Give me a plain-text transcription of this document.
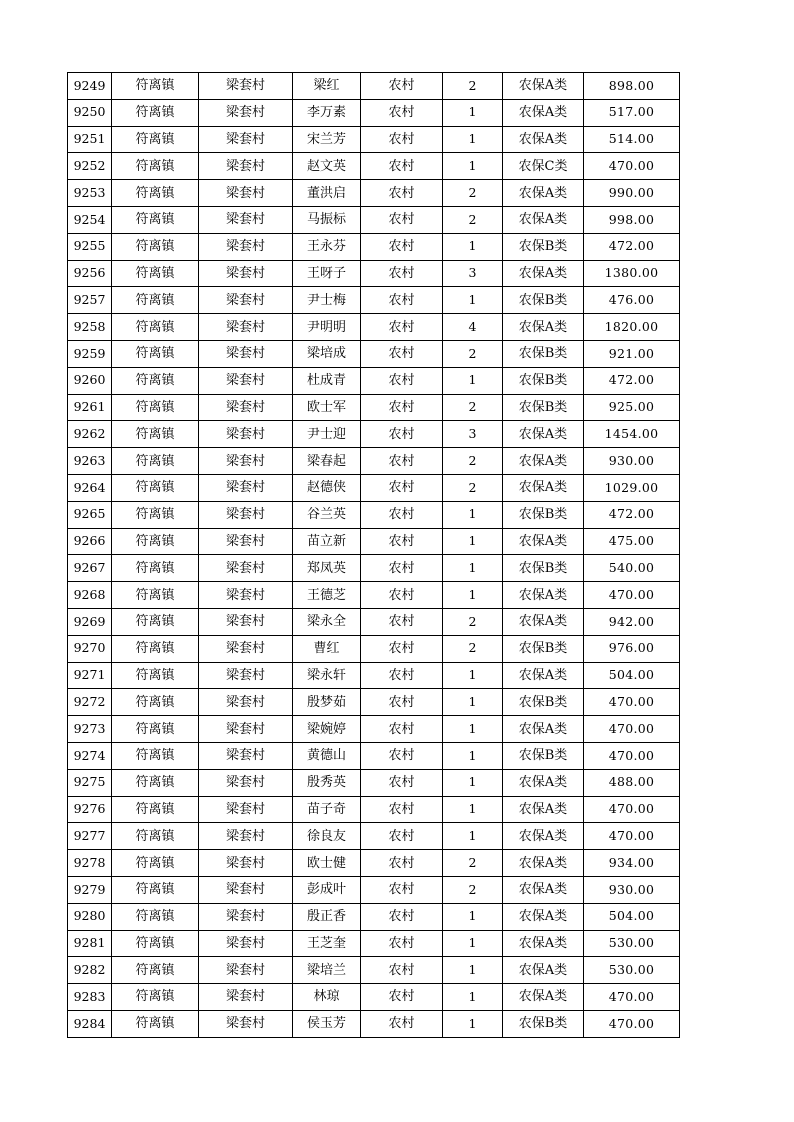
9249	符离镇	梁套村	梁红	农村	2	农保A类	898.00
9250	符离镇	梁套村	李万素	农村	1	农保A类	517.00
9251	符离镇	梁套村	宋兰芳	农村	1	农保A类	514.00
9252	符离镇	梁套村	赵文英	农村	1	农保C类	470.00
9253	符离镇	梁套村	董洪启	农村	2	农保A类	990.00
9254	符离镇	梁套村	马振标	农村	2	农保A类	998.00
9255	符离镇	梁套村	王永芬	农村	1	农保B类	472.00
9256	符离镇	梁套村	王呀子	农村	3	农保A类	1380.00
9257	符离镇	梁套村	尹士梅	农村	1	农保B类	476.00
9258	符离镇	梁套村	尹明明	农村	4	农保A类	1820.00
9259	符离镇	梁套村	梁培成	农村	2	农保B类	921.00
9260	符离镇	梁套村	杜成青	农村	1	农保B类	472.00
9261	符离镇	梁套村	欧士军	农村	2	农保B类	925.00
9262	符离镇	梁套村	尹士迎	农村	3	农保A类	1454.00
9263	符离镇	梁套村	梁春起	农村	2	农保A类	930.00
9264	符离镇	梁套村	赵德侠	农村	2	农保A类	1029.00
9265	符离镇	梁套村	谷兰英	农村	1	农保B类	472.00
9266	符离镇	梁套村	苗立新	农村	1	农保A类	475.00
9267	符离镇	梁套村	郑凤英	农村	1	农保B类	540.00
9268	符离镇	梁套村	王德芝	农村	1	农保A类	470.00
9269	符离镇	梁套村	梁永全	农村	2	农保A类	942.00
9270	符离镇	梁套村	曹红	农村	2	农保B类	976.00
9271	符离镇	梁套村	梁永轩	农村	1	农保A类	504.00
9272	符离镇	梁套村	殷梦茹	农村	1	农保B类	470.00
9273	符离镇	梁套村	梁婉婷	农村	1	农保A类	470.00
9274	符离镇	梁套村	黄德山	农村	1	农保B类	470.00
9275	符离镇	梁套村	殷秀英	农村	1	农保A类	488.00
9276	符离镇	梁套村	苗子奇	农村	1	农保A类	470.00
9277	符离镇	梁套村	徐良友	农村	1	农保A类	470.00
9278	符离镇	梁套村	欧士健	农村	2	农保A类	934.00
9279	符离镇	梁套村	彭成叶	农村	2	农保A类	930.00
9280	符离镇	梁套村	殷正香	农村	1	农保A类	504.00
9281	符离镇	梁套村	王芝奎	农村	1	农保A类	530.00
9282	符离镇	梁套村	梁培兰	农村	1	农保A类	530.00
9283	符离镇	梁套村	林琼	农村	1	农保A类	470.00
9284	符离镇	梁套村	侯玉芳	农村	1	农保B类	470.00
